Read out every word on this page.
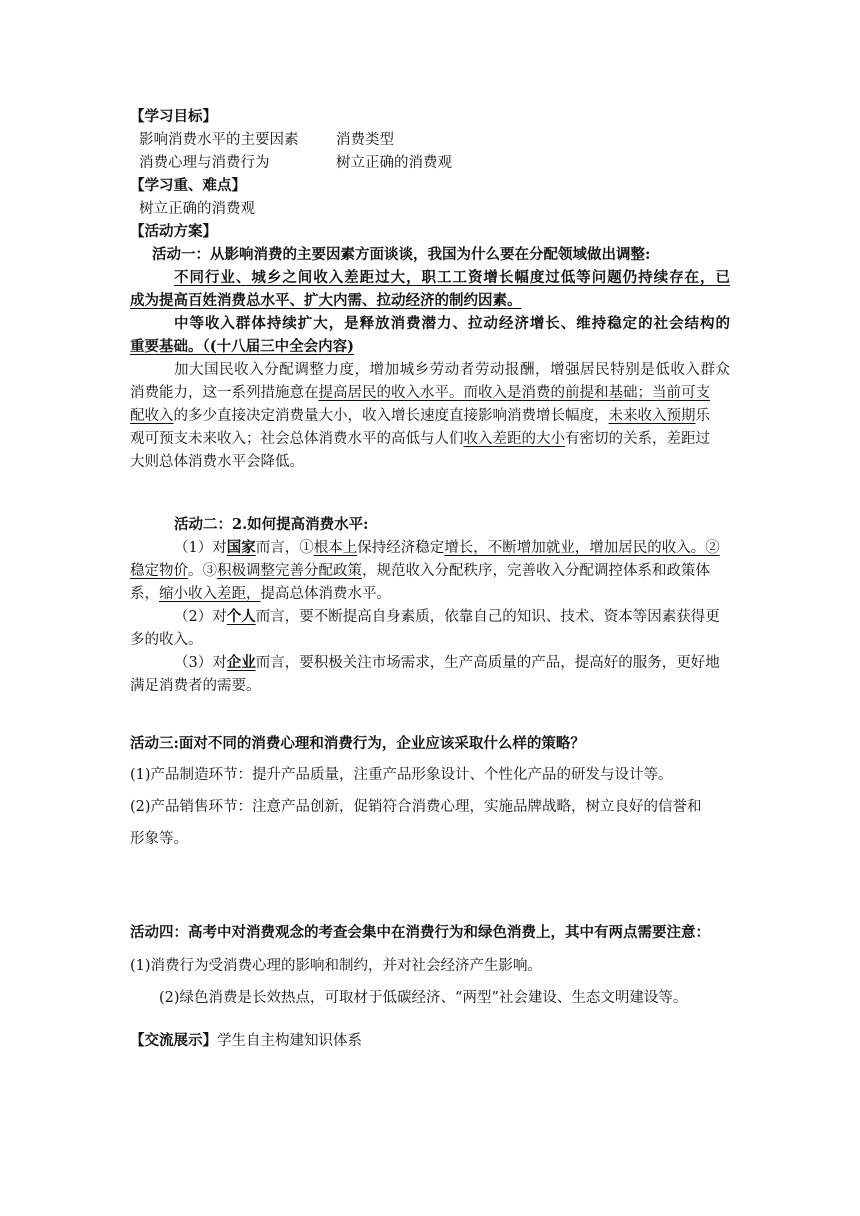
【学习目标】
影响消费水平的主要因素	消费类型
消费心理与消费行为	树立正确的消费观
【学习重、难点】
树立正确的消费观
【活动方案】
活动一：从影响消费的主要因素方面谈谈，我国为什么要在分配领域做出调整:
不同行业、城乡之间收入差距过大，职工工资增长幅度过低等问题仍持续存在，已
成为提高百姓消费总水平、扩大内需、拉动经济的制约因素。
中等收入群体持续扩大，是释放消费潜力、拉动经济增长、维持稳定的社会结构的
重要基础。（(十八届三中全会内容)
加大国民收入分配调整力度，增加城乡劳动者劳动报酬，增强居民特别是低收入群众
消费能力，这一系列措施意在提高居民的收入水平。而收入是消费的前提和基础；当前可支
配收入的多少直接决定消费量大小，收入增长速度直接影响消费增长幅度，未来收入预期乐
观可预支未来收入；社会总体消费水平的高低与人们收入差距的大小有密切的关系，差距过
大则总体消费水平会降低。
活动二：2.如何提高消费水平:
（1）对国家而言，①根本上保持经济稳定增长，不断增加就业，增加居民的收入。②
稳定物价。③积极调整完善分配政策，规范收入分配秩序，完善收入分配调控体系和政策体
系，缩小收入差距，提高总体消费水平。
（2）对个人而言，要不断提高自身素质，依靠自己的知识、技术、资本等因素获得更
多的收入。
（3）对企业而言，要积极关注市场需求，生产高质量的产品，提高好的服务，更好地
满足消费者的需要。
活动三:面对不同的消费心理和消费行为，企业应该采取什么样的策略？
(1)产品制造环节：提升产品质量，注重产品形象设计、个性化产品的研发与设计等。
(2)产品销售环节：注意产品创新，促销符合消费心理，实施品牌战略，树立良好的信誉和
形象等。
活动四：高考中对消费观念的考查会集中在消费行为和绿色消费上，其中有两点需要注意：
(1)消费行为受消费心理的影响和制约，并对社会经济产生影响。
(2)绿色消费是长效热点，可取材于低碳经济、“两型”社会建设、生态文明建设等。
【交流展示】学生自主构建知识体系
